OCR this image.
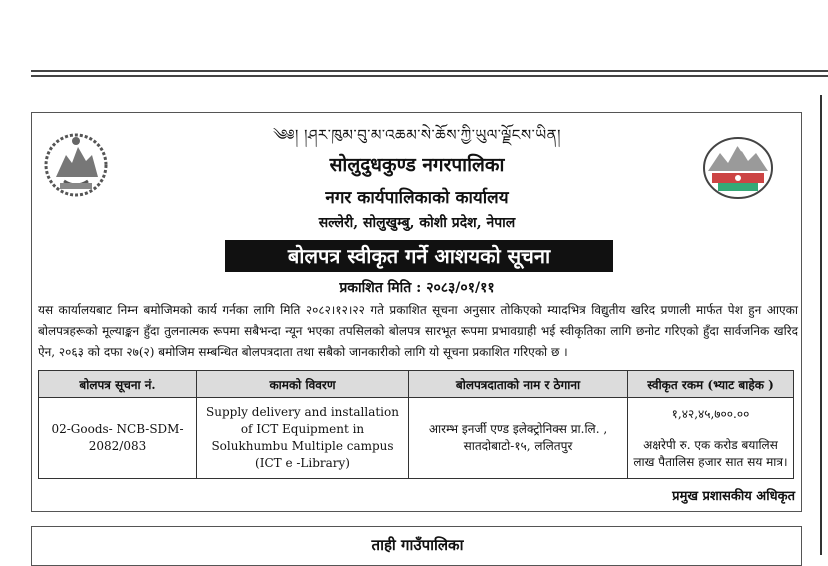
༄༅། །ཤར་ཁུམ་བུ་མ་འཆམ་སེ་ཆོས་ཀྱི་ཡུལ་ལྗོངས་ཡིན།
सोलुदुधकुण्ड नगरपालिका
नगर कार्यपालिकाको कार्यालय
सल्लेरी, सोलुखुम्बु, कोशी प्रदेश, नेपाल
बोलपत्र स्वीकृत गर्ने आशयको सूचना
प्रकाशित मिति : २०८३/०१/११

यस कार्यालयबाट निम्न बमोजिमको कार्य गर्नका लागि मिति २०८२।१२।२२ गते प्रकाशित सूचना अनुसार तोकिएको म्यादभित्र विद्युतीय खरिद प्रणाली मार्फत पेश हुन आएका बोलपत्रहरूको मूल्याङ्कन हुँदा तुलनात्मक रूपमा सबैभन्दा न्यून भएका तपसिलको बोलपत्र सारभूत रूपमा प्रभावग्राही भई स्वीकृतिका लागि छनोट गरिएको हुँदा सार्वजनिक खरिद ऐन, २०६३ को दफा २७(२) बमोजिम सम्बन्धित बोलपत्रदाता तथा सबैको जानकारीको लागि यो सूचना प्रकाशित गरिएको छ ।

बोलपत्र सूचना नं.	कामको विवरण	बोलपत्रदाताको नाम र ठेगाना	स्वीकृत रकम (भ्याट बाहेक )
02-Goods- NCB-SDM-2082/083	Supply delivery and installation of ICT Equipment in Solukhumbu Multiple campus (ICT e -Library)	आरम्भ इनर्जी एण्ड इलेक्ट्रोनिक्स प्रा.लि. , सातदोबाटो-१५, ललितपुर	१,४२,४५,७००.००
अक्षरेपी रु. एक करोड बयालिस लाख पैतालिस हजार सात सय मात्र।
प्रमुख प्रशासकीय अधिकृत
ताही गाउँपालिका
